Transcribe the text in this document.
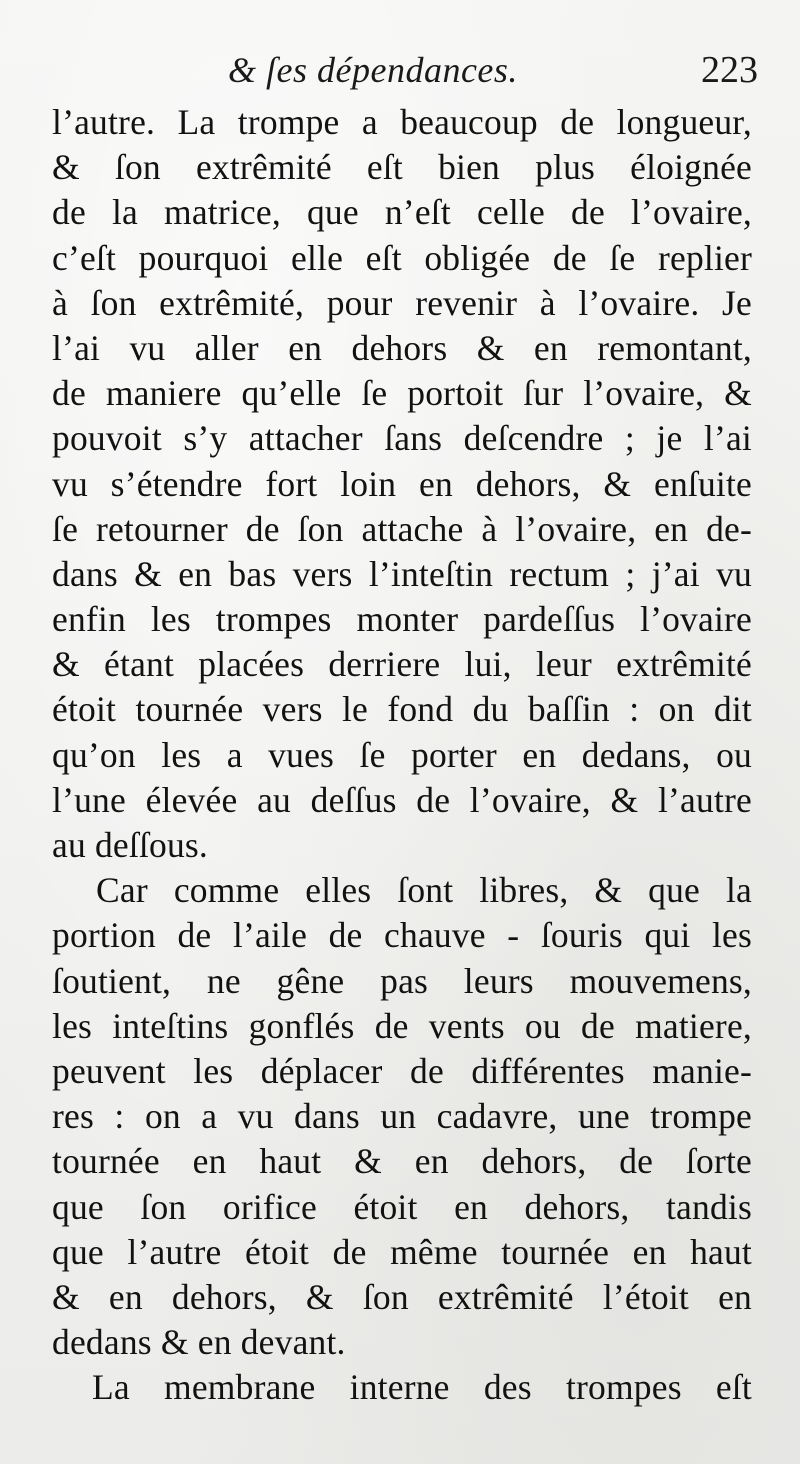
& ſes dépendances.	223
l’autre. La trompe a beaucoup de longueur,
& ſon extrêmité eſt bien plus éloignée
de la matrice, que n’eſt celle de l’ovaire,
c’eſt pourquoi elle eſt obligée de ſe replier
à ſon extrêmité, pour revenir à l’ovaire. Je
l’ai vu aller en dehors & en remontant,
de maniere qu’elle ſe portoit ſur l’ovaire, &
pouvoit s’y attacher ſans deſcendre ; je l’ai
vu s’étendre fort loin en dehors, & enſuite
ſe retourner de ſon attache à l’ovaire, en de-
dans & en bas vers l’inteſtin rectum ; j’ai vu
enfin les trompes monter pardeſſus l’ovaire
& étant placées derriere lui, leur extrêmité
étoit tournée vers le fond du baſſin : on dit
qu’on les a vues ſe porter en dedans, ou
l’une élevée au deſſus de l’ovaire, & l’autre
au deſſous.
Car comme elles ſont libres, & que la
portion de l’aile de chauve - ſouris qui les
ſoutient, ne gêne pas leurs mouvemens,
les inteſtins gonflés de vents ou de matiere,
peuvent les déplacer de différentes manie-
res : on a vu dans un cadavre, une trompe
tournée en haut & en dehors, de ſorte
que ſon orifice étoit en dehors, tandis
que l’autre étoit de même tournée en haut
& en dehors, & ſon extrêmité l’étoit en
dedans & en devant.
La membrane interne des trompes eſt
